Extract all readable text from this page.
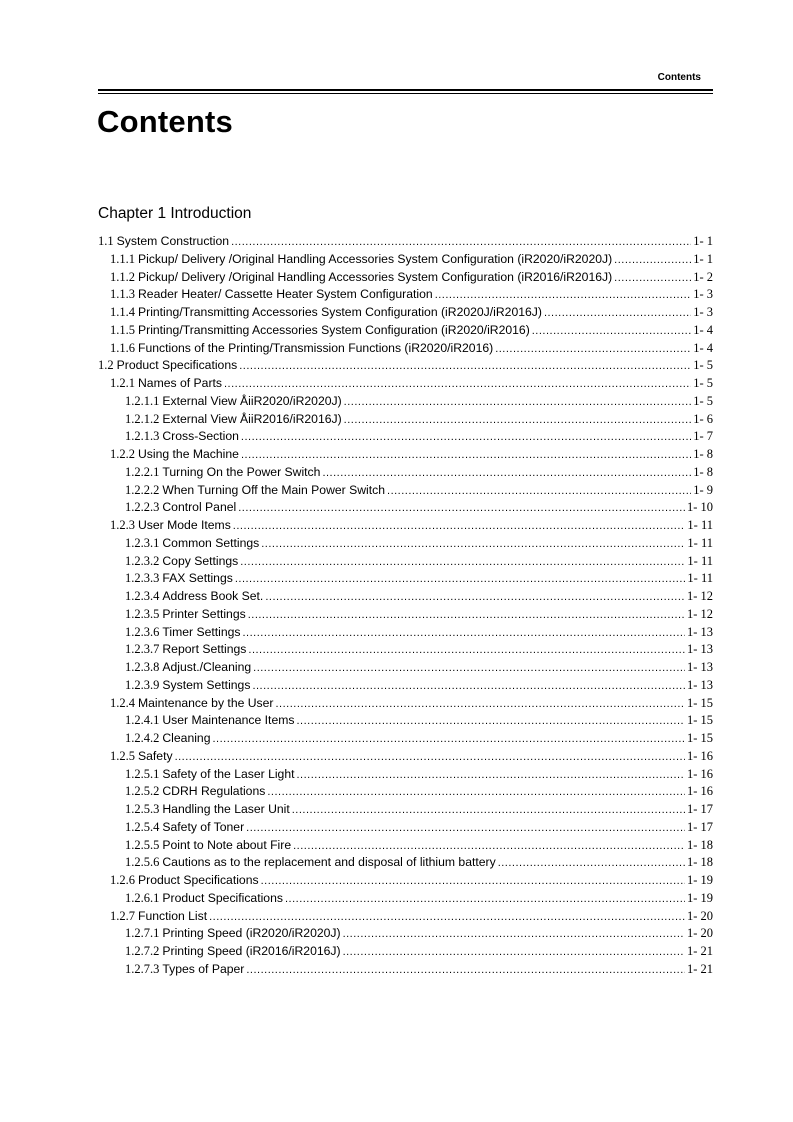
Contents
Contents
Chapter 1 Introduction
1.1 System Construction .....	1- 1
1.1.1 Pickup/ Delivery /Original Handling Accessories System Configuration (iR2020/iR2020J) .....	1- 1
1.1.2 Pickup/ Delivery /Original Handling Accessories System Configuration (iR2016/iR2016J) .....	1- 2
1.1.3 Reader Heater/ Cassette Heater System Configuration .....	1- 3
1.1.4 Printing/Transmitting Accessories System Configuration (iR2020J/iR2016J) .....	1- 3
1.1.5 Printing/Transmitting Accessories System Configuration (iR2020/iR2016) .....	1- 4
1.1.6 Functions of the Printing/Transmission Functions (iR2020/iR2016) .....	1- 4
1.2 Product Specifications .....	1- 5
1.2.1 Names of Parts .....	1- 5
1.2.1.1 External View ÅiiR2020/iR2020J) .....	1- 5
1.2.1.2 External View ÅiiR2016/iR2016J) .....	1- 6
1.2.1.3 Cross-Section .....	1- 7
1.2.2 Using the Machine .....	1- 8
1.2.2.1 Turning On the Power Switch .....	1- 8
1.2.2.2 When Turning Off the Main Power Switch .....	1- 9
1.2.2.3 Control Panel .....	1- 10
1.2.3 User Mode Items .....	1- 11
1.2.3.1 Common Settings .....	1- 11
1.2.3.2 Copy Settings .....	1- 11
1.2.3.3 FAX Settings .....	1- 11
1.2.3.4 Address Book Set. .....	1- 12
1.2.3.5 Printer Settings .....	1- 12
1.2.3.6 Timer Settings .....	1- 13
1.2.3.7 Report Settings .....	1- 13
1.2.3.8 Adjust./Cleaning .....	1- 13
1.2.3.9 System Settings .....	1- 13
1.2.4 Maintenance by the User .....	1- 15
1.2.4.1 User Maintenance Items .....	1- 15
1.2.4.2 Cleaning .....	1- 15
1.2.5 Safety .....	1- 16
1.2.5.1 Safety of the Laser Light .....	1- 16
1.2.5.2 CDRH Regulations .....	1- 16
1.2.5.3 Handling the Laser Unit .....	1- 17
1.2.5.4 Safety of Toner .....	1- 17
1.2.5.5 Point to Note about Fire .....	1- 18
1.2.5.6 Cautions as to the replacement and disposal of lithium battery .....	1- 18
1.2.6 Product Specifications .....	1- 19
1.2.6.1 Product Specifications .....	1- 19
1.2.7 Function List .....	1- 20
1.2.7.1 Printing Speed (iR2020/iR2020J) .....	1- 20
1.2.7.2 Printing Speed (iR2016/iR2016J) .....	1- 21
1.2.7.3 Types of Paper .....	1- 21
